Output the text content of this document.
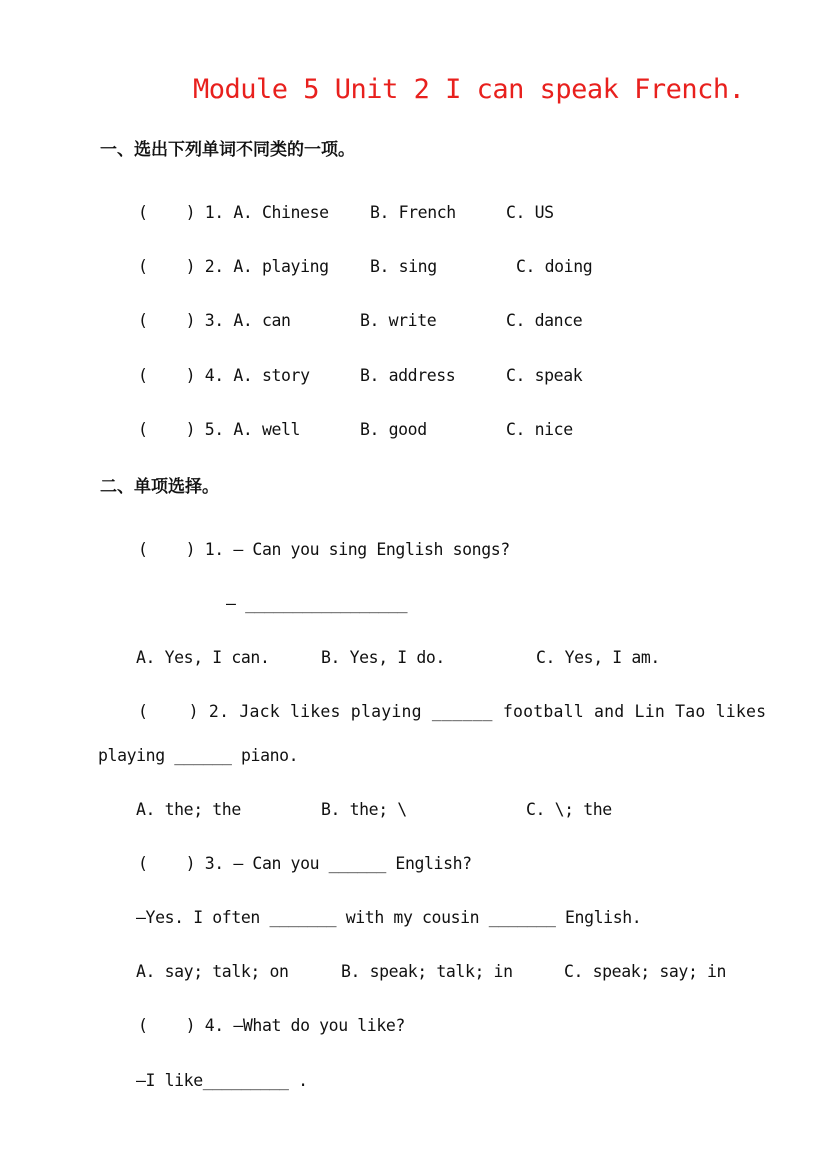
Module 5 Unit 2 I can speak French.
一、选出下列单词不同类的一项。
(    ) 1. A. Chinese	B. French	C. US
(    ) 2. A. playing	B. sing	C. doing
(    ) 3. A. can	B. write	C. dance
(    ) 4. A. story	B. address	C. speak
(    ) 5. A. well	B. good	C. nice
二、单项选择。
(    ) 1. — Can you sing English songs?
— _________________
A. Yes, I can.	B. Yes, I do.	C. Yes, I am.
(    ) 2. Jack likes playing ______ football and Lin Tao likes
playing ______ piano.
A. the; the	B. the; \	C. \; the
(    ) 3. — Can you ______ English?
—Yes. I often _______ with my cousin _______ English.
A. say; talk; on	B. speak; talk; in	C. speak; say; in
(    ) 4. —What do you like?
—I like_________ .
